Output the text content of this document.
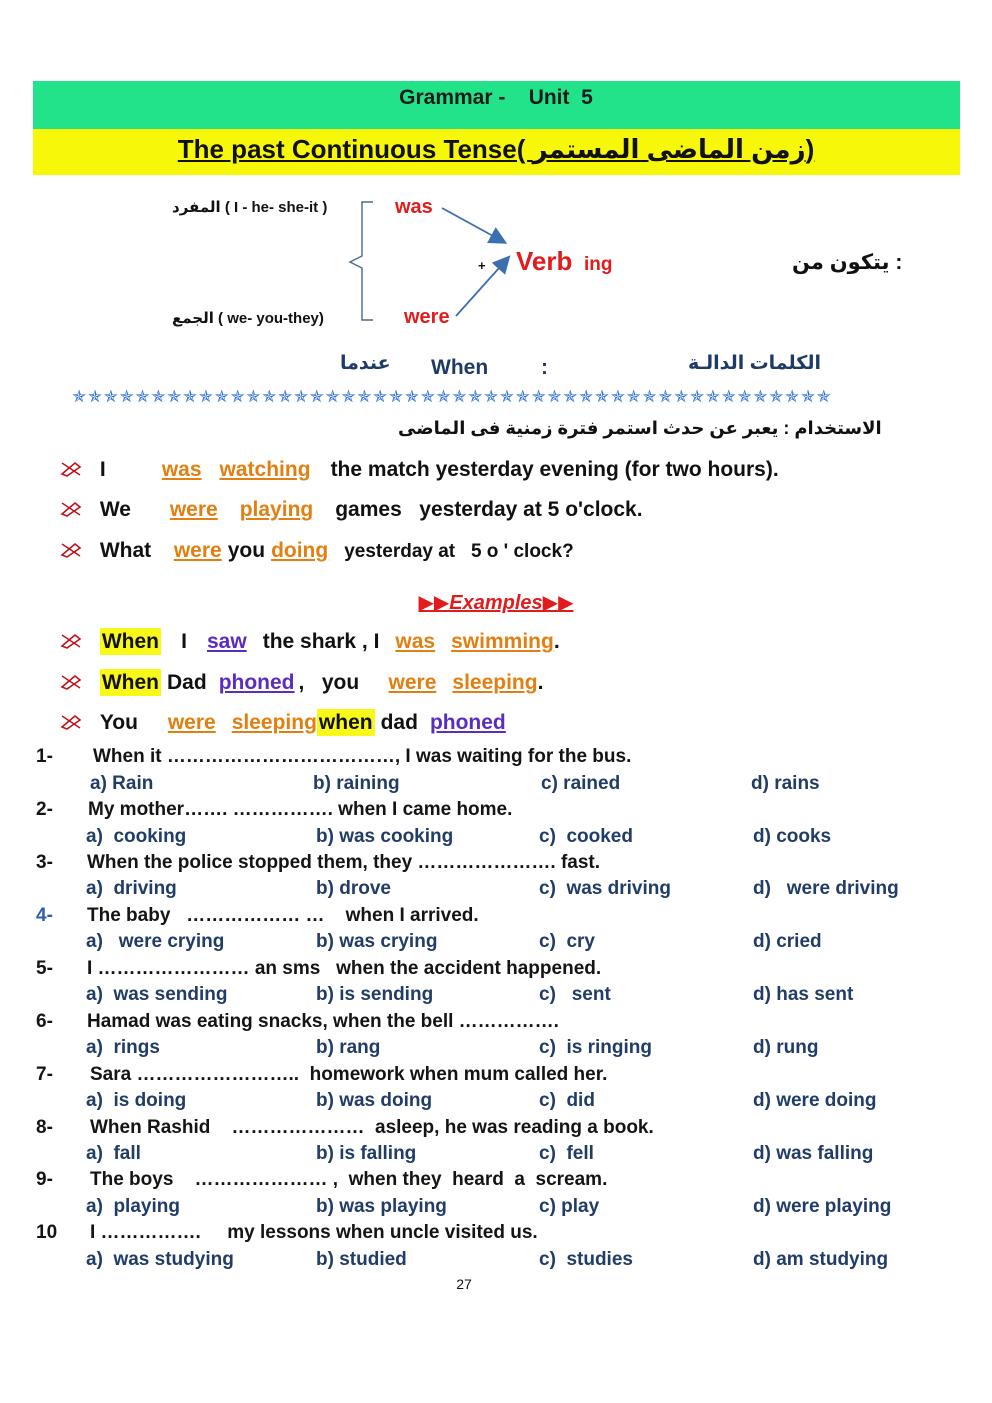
Grammar -    Unit  5
The past Continuous Tense( زمن الماضى المستمر)
المفرد ( I - he- she-it )
الجمع ( we- you-they)
was
were
+ Verb ing	يتكون من :
عندما When	:	الكلمات الدالـة
✯✯✯✯✯✯✯✯✯✯✯✯✯✯✯✯✯✯✯✯✯✯✯✯✯✯✯✯✯✯✯✯✯✯✯✯✯✯✯✯✯✯✯✯✯✯✯✯
الاستخدام : يعبر عن حدث استمر فترة زمنية فى الماضى
I	was watching the match yesterday evening (for two hours).
We were playing games   yesterday at 5 o'clock.
What were you doing yesterday at   5 o ' clock?
▶▶Examples▶▶
When I saw the shark , I was swimming.
When Dad phoned ,   you were sleeping.
You were sleepingwhen dad phoned
1- When it ………………………………, I was waiting for the bus.
a) Rain	b) raining	c) rained	d) rains
2- My mother……. ……………. when I came home.
a)  cooking	b) was cooking	c)  cooked	d) cooks
3- When the police stopped them, they …………………. fast.
a)  driving	b) drove	c)  was driving	d)   were driving
4- The baby   ……………… …    when I arrived.
a)   were crying	b) was crying	c)  cry	d) cried
5- I …………………… an sms   when the accident happened.
a)  was sending	b) is sending	c)   sent	d) has sent
6- Hamad was eating snacks, when the bell …………….
a)  rings	b) rang	c)  is ringing	d) rung
7- Sara ……………………..  homework when mum called her.
a)  is doing	b) was doing	c)  did	d) were doing
8- When Rashid    …………………  asleep, he was reading a book.
a)  fall	b) is falling	c)  fell	d) was falling
9- The boys    ………………… ,  when they  heard  a  scream.
a)  playing	b) was playing	c) play	d) were playing
10 I …………….     my lessons when uncle visited us.
a)  was studying	b) studied	c)  studies	d) am studying
27
